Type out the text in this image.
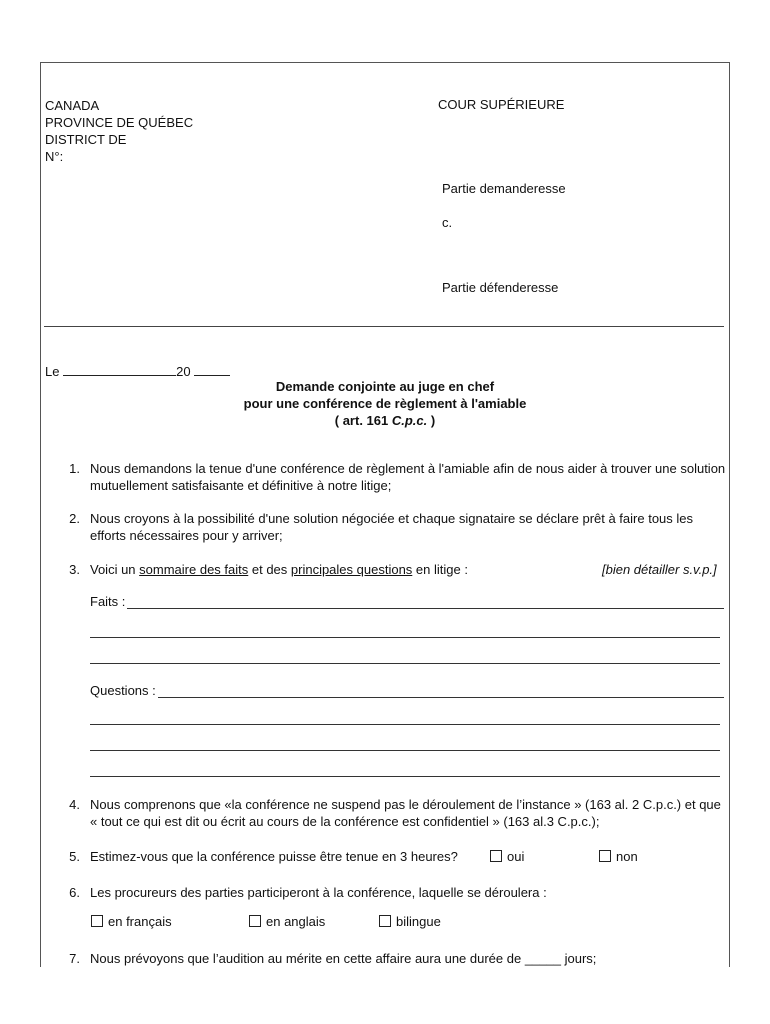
CANADA
PROVINCE DE QUÉBEC
DISTRICT DE
N°:
COUR SUPÉRIEURE
Partie demanderesse
c.
Partie défenderesse
Le	20
Demande conjointe au juge en chef
pour une conférence de règlement à l'amiable
( art. 161 C.p.c. )
1. Nous demandons la tenue d'une conférence de règlement à l'amiable afin de nous aider à trouver une solution mutuellement satisfaisante et définitive à notre litige;
2. Nous croyons à la possibilité d'une solution négociée et chaque signataire se déclare prêt à faire tous les efforts nécessaires pour y arriver;
3. Voici un sommaire des faits et des principales questions en litige :	[bien détailler s.v.p.]
Faits :
Questions :
4. Nous comprenons que «la conférence ne suspend pas le déroulement de l’instance » (163 al. 2 C.p.c.) et que « tout ce qui est dit ou écrit au cours de la conférence est confidentiel » (163 al.3 C.p.c.);
5. Estimez-vous que la conférence puisse être tenue en 3 heures?	oui	non
6. Les procureurs des parties participeront à la conférence, laquelle se déroulera :
en français	en anglais	bilingue
7. Nous prévoyons que l’audition au mérite en cette affaire aura une durée de _____ jours;
